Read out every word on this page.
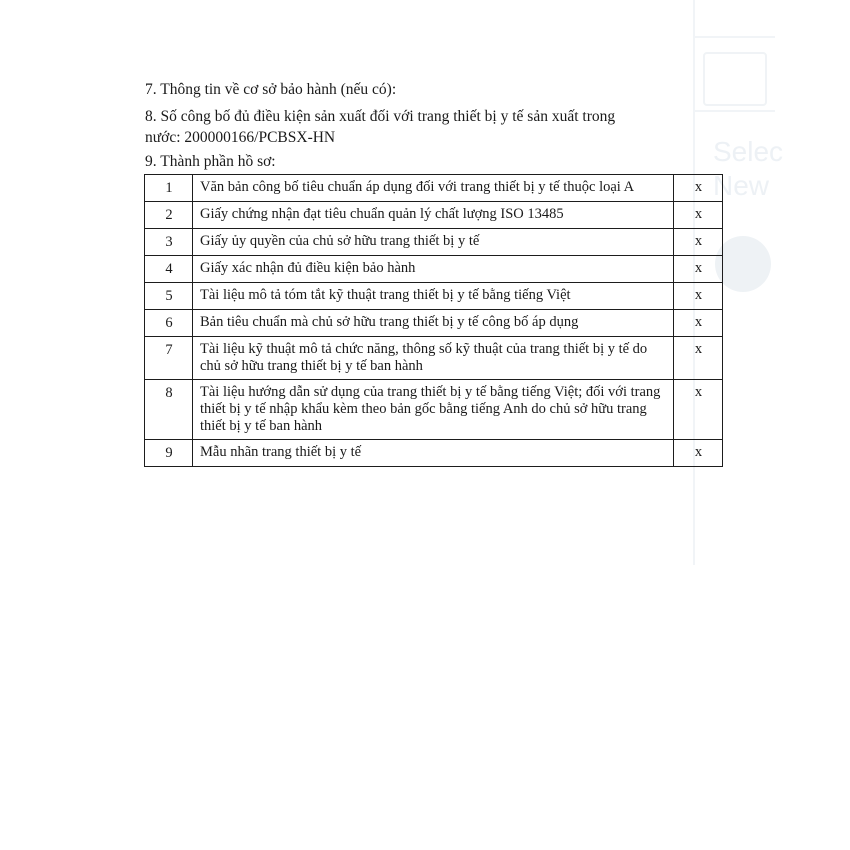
Selec
New
7. Thông tin về cơ sở bảo hành (nếu có):
8. Số công bố đủ điều kiện sản xuất đối với trang thiết bị y tế sản xuất trong
nước: 200000166/PCBSX-HN
9. Thành phần hồ sơ:
1	Văn bản công bố tiêu chuẩn áp dụng đối với trang thiết bị y tế thuộc loại A	x
2	Giấy chứng nhận đạt tiêu chuẩn quản lý chất lượng ISO 13485	x
3	Giấy ủy quyền của chủ sở hữu trang thiết bị y tế	x
4	Giấy xác nhận đủ điều kiện bảo hành	x
5	Tài liệu mô tả tóm tắt kỹ thuật trang thiết bị y tế bằng tiếng Việt	x
6	Bản tiêu chuẩn mà chủ sở hữu trang thiết bị y tế công bố áp dụng	x
7	Tài liệu kỹ thuật mô tả chức năng, thông số kỹ thuật của trang thiết bị y tế do chủ sở hữu trang thiết bị y tế ban hành	x
8	Tài liệu hướng dẫn sử dụng của trang thiết bị y tế bằng tiếng Việt; đối với trang thiết bị y tế nhập khẩu kèm theo bản gốc bằng tiếng Anh do chủ sở hữu trang thiết bị y tế ban hành	x
9	Mẫu nhãn trang thiết bị y tế	x
